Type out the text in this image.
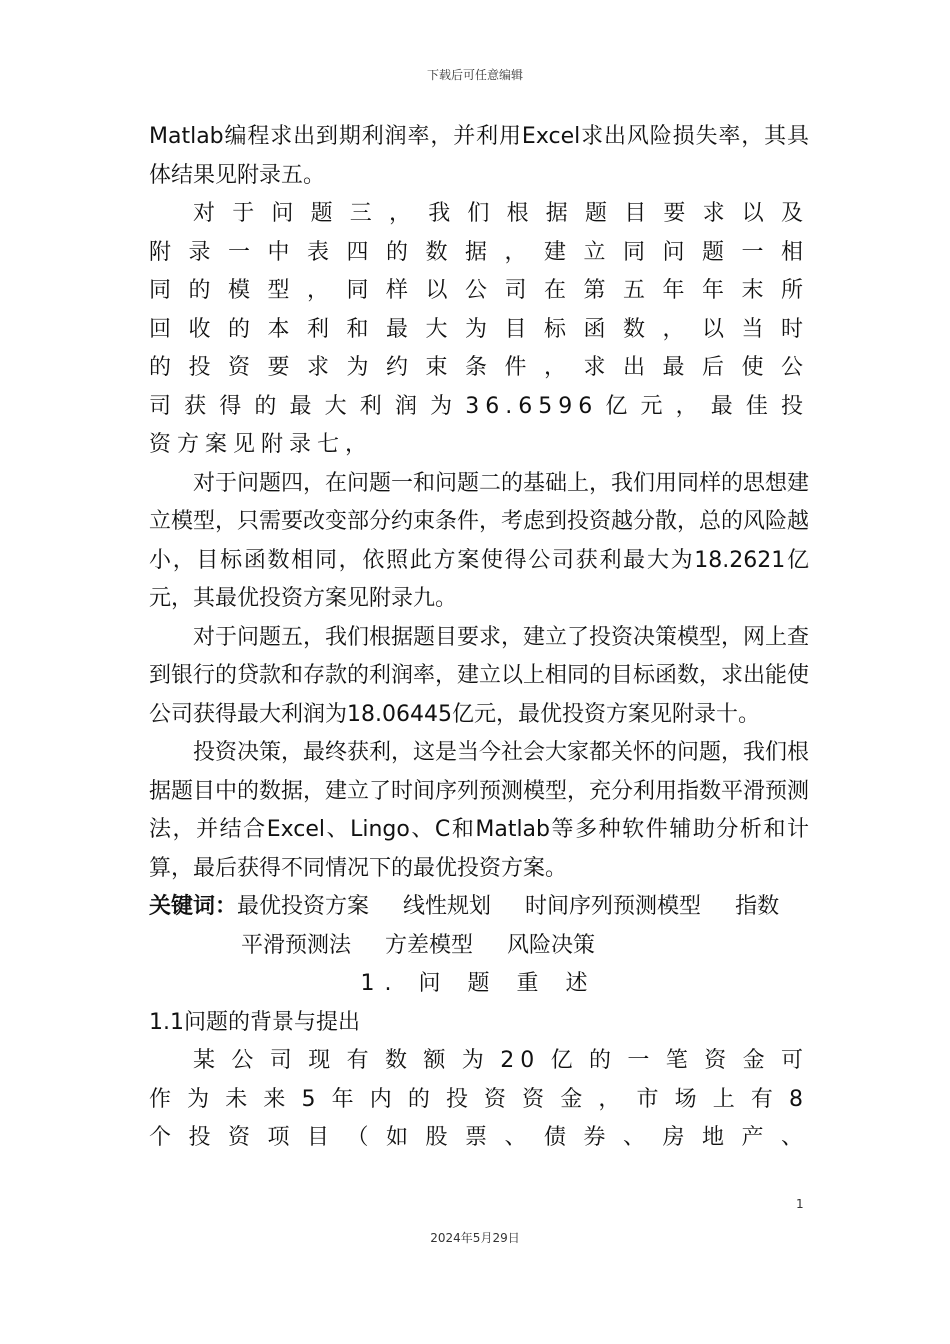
下载后可任意编辑

Matlab编程求出到期利润率，并利用Excel求出风险损失率，其具体结果见附录五。

对于问题三，我们根据题目要求以及
附录一中表四的数据，建立同问题一相
同的模型，同样以公司在第五年年末所
回收的本利和最大为目标函数，以当时
的投资要求为约束条件，求出最后使公
司获得的最大利润为36.6596亿元，最佳投
资方案见附录七，

对于问题四，在问题一和问题二的基础上，我们用同样的思想建立模型，只需要改变部分约束条件，考虑到投资越分散，总的风险越小，目标函数相同，依照此方案使得公司获利最大为18.2621亿元，其最优投资方案见附录九。

对于问题五，我们根据题目要求，建立了投资决策模型，网上查到银行的贷款和存款的利润率，建立以上相同的目标函数，求出能使公司获得最大利润为18.06445亿元，最优投资方案见附录十。

投资决策，最终获利，这是当今社会大家都关怀的问题，我们根据题目中的数据，建立了时间序列预测模型，充分利用指数平滑预测法，并结合Excel、Lingo、C和Matlab等多种软件辅助分析和计算，最后获得不同情况下的最优投资方案。

关键词：最优投资方案 线性规划 时间序列预测模型 指数
平滑预测法 方差模型 风险决策

1. 问 题 重 述

1.1问题的背景与提出

某公司现有数额为20亿的一笔资金可
作为未来5年内的投资资金，市场上有8
个投资项目（如股票、债券、房地产、
1
2024年5月29日
